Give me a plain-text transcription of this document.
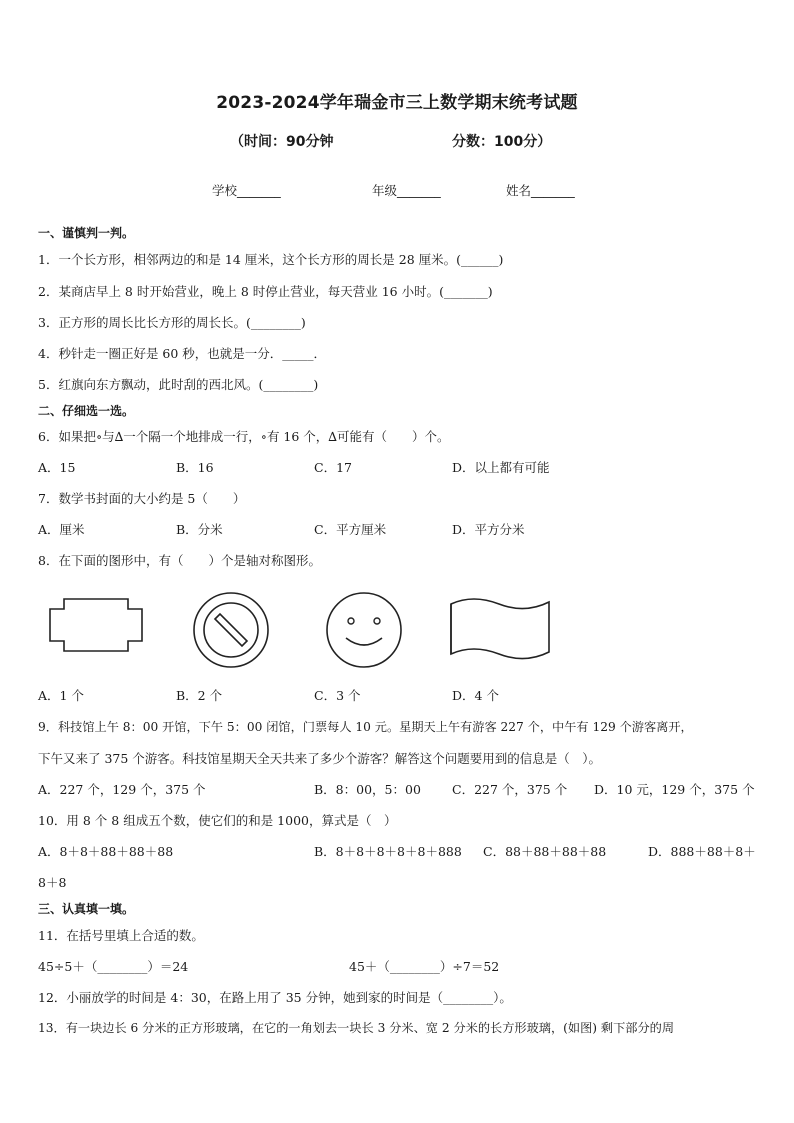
2023-2024学年瑞金市三上数学期末统考试题
（时间：90分钟	分数：100分）
学校_______	年级_______	姓名_______
一、谨慎判一判。
1．一个长方形，相邻两边的和是 14 厘米，这个长方形的周长是 28 厘米。(______)
2．某商店早上 8 时开始营业，晚上 8 时停止营业，每天营业 16 小时。(_______)
3．正方形的周长比长方形的周长长。(________)
4．秒针走一圈正好是 60 秒，也就是一分．_____．
5．红旗向东方飘动，此时刮的西北风。(________)
二、仔细选一选。
6．如果把∘与∆一个隔一个地排成一行，∘有 16 个，∆可能有（　　）个。
A．15	B．16	C．17	D．以上都有可能
7．数学书封面的大小约是 5（　　）
A．厘米	B．分米	C．平方厘米	D．平方分米
8．在下面的图形中，有（　　）个是轴对称图形。
A．1 个	B．2 个	C．3 个	D．4 个
9．科技馆上午 8：00 开馆，下午 5：00 闭馆，门票每人 10 元。星期天上午有游客 227 个，中午有 129 个游客离开，
下午又来了 375 个游客。科技馆星期天全天共来了多少个游客？解答这个问题要用到的信息是（　）。
A．227 个，129 个，375 个	B．8：00，5：00 C．227 个，375 个 D．10 元，129 个，375 个
10．用 8 个 8 组成五个数，使它们的和是 1000，算式是（　）
A．8＋8＋88＋88＋88	B．8＋8＋8＋8＋8＋888 C．88＋88＋88＋88	D．888＋88＋8＋
8＋8
三、认真填一填。
11．在括号里填上合适的数。
45÷5＋（________）＝24	45＋（________）÷7＝52
12．小丽放学的时间是 4：30，在路上用了 35 分钟，她到家的时间是（________）。
13．有一块边长 6 分米的正方形玻璃，在它的一角划去一块长 3 分米、宽 2 分米的长方形玻璃，(如图) 剩下部分的周
